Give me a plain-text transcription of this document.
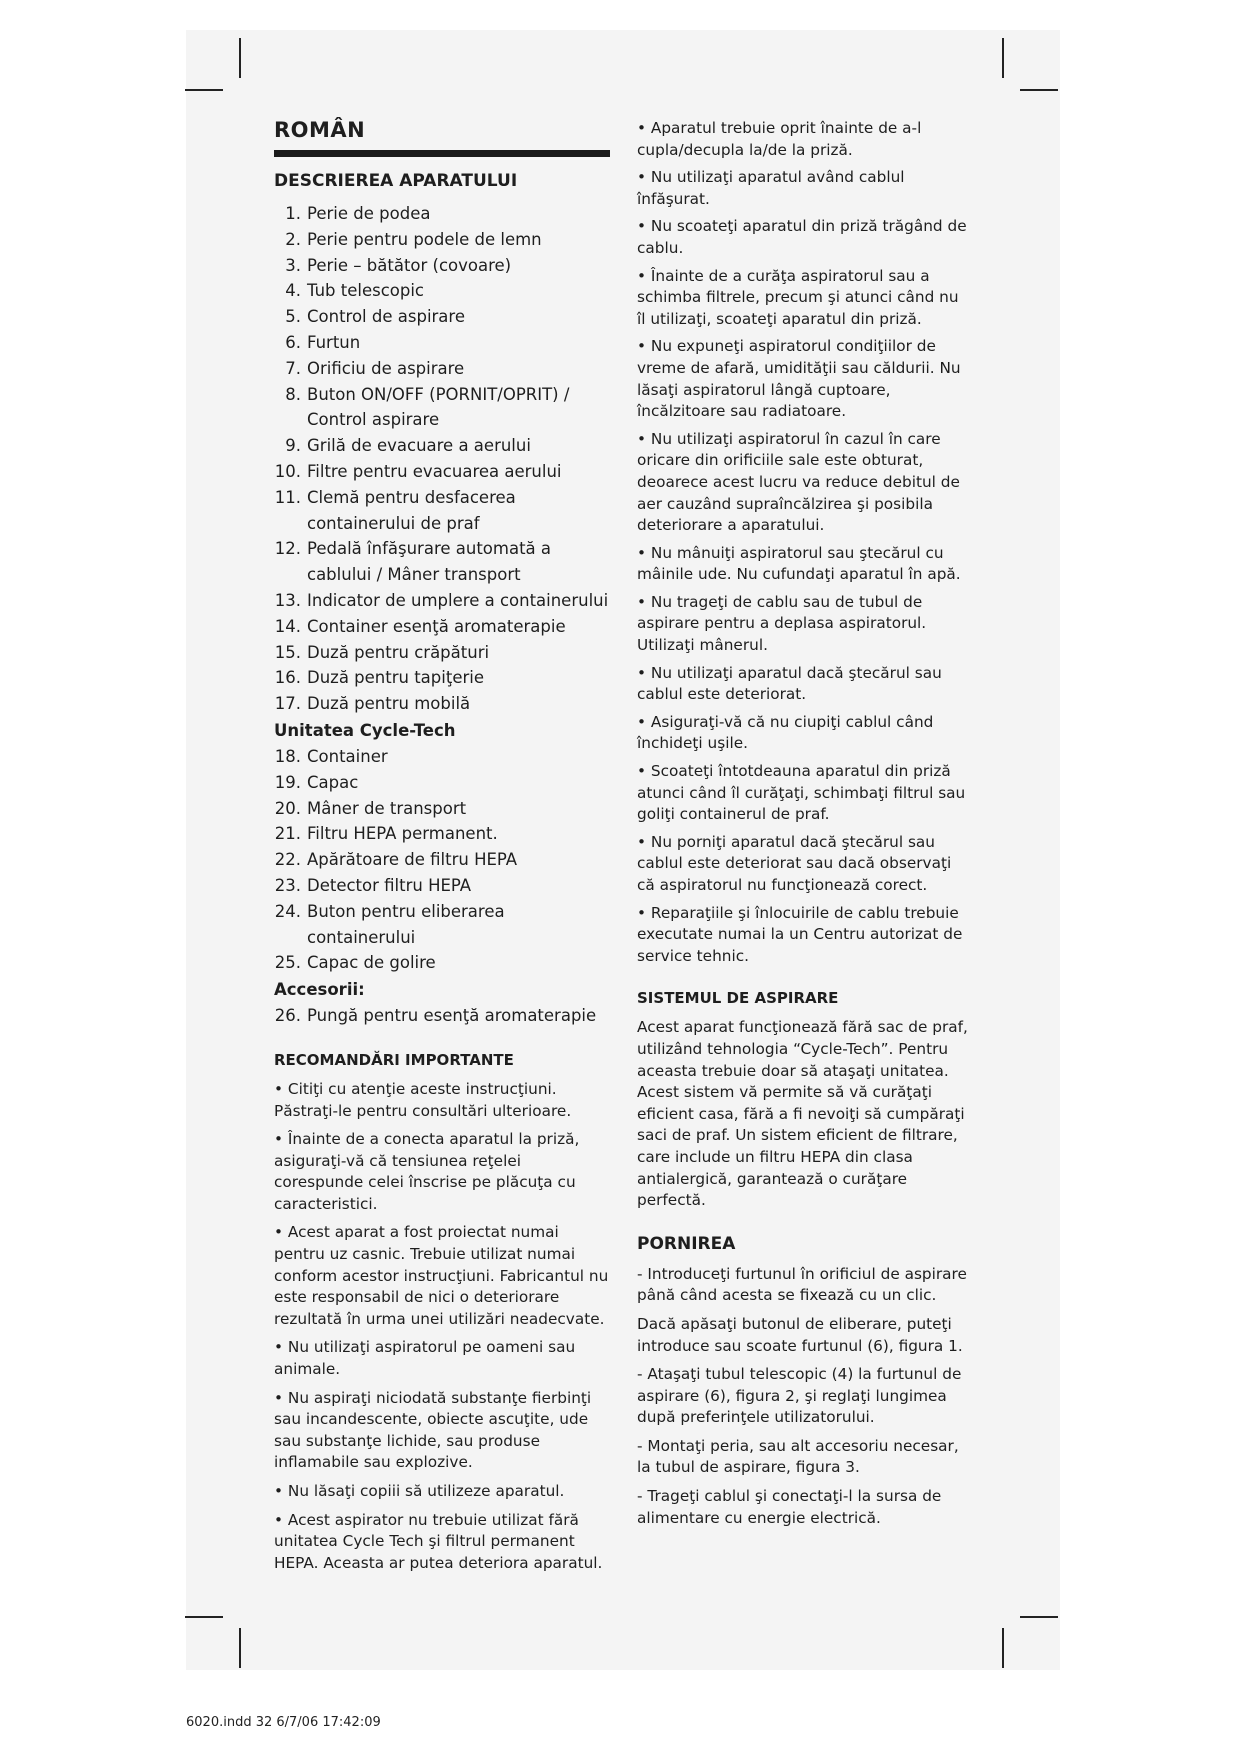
ROMÂN
DESCRIEREA APARATULUI
1. Perie de podea
2. Perie pentru podele de lemn
3. Perie – bătător (covoare)
4. Tub telescopic
5. Control de aspirare
6. Furtun
7. Orificiu de aspirare
8. Buton ON/OFF (PORNIT/OPRIT) / Control aspirare
9. Grilă de evacuare a aerului
10. Filtre pentru evacuarea aerului
11. Clemă pentru desfacerea containerului de praf
12. Pedală înfăşurare automată a cablului / Mâner transport
13. Indicator de umplere a containerului
14. Container esenţă aromaterapie
15. Duză pentru crăpături
16. Duză pentru tapiţerie
17. Duză pentru mobilă
Unitatea Cycle-Tech
18. Container
19. Capac
20. Mâner de transport
21. Filtru HEPA permanent.
22. Apărătoare de filtru HEPA
23. Detector filtru HEPA
24. Buton pentru eliberarea containerului
25. Capac de golire
Accesorii:
26. Pungă pentru esenţă aromaterapie
RECOMANDĂRI IMPORTANTE

• Citiţi cu atenţie aceste instrucţiuni. Păstraţi-le pentru consultări ulterioare.

• Înainte de a conecta aparatul la priză, asiguraţi-vă că tensiunea reţelei corespunde celei înscrise pe plăcuţa cu caracteristici.

• Acest aparat a fost proiectat numai pentru uz casnic. Trebuie utilizat numai conform acestor instrucţiuni. Fabricantul nu este responsabil de nici o deteriorare rezultată în urma unei utilizări neadecvate.

• Nu utilizaţi aspiratorul pe oameni sau animale.

• Nu aspiraţi niciodată substanţe fierbinţi sau incandescente, obiecte ascuţite, ude sau substanţe lichide, sau produse inflamabile sau explozive.

• Nu lăsaţi copiii să utilizeze aparatul.

• Acest aspirator nu trebuie utilizat fără unitatea Cycle Tech şi filtrul permanent HEPA. Aceasta ar putea deteriora aparatul.

• Aparatul trebuie oprit înainte de a-l cupla/decupla la/de la priză.

• Nu utilizaţi aparatul având cablul înfăşurat.

• Nu scoateţi aparatul din priză trăgând de cablu.

• Înainte de a curăţa aspiratorul sau a schimba filtrele, precum şi atunci când nu îl utilizaţi, scoateţi aparatul din priză.

• Nu expuneţi aspiratorul condiţiilor de vreme de afară, umidităţii sau căldurii. Nu lăsaţi aspiratorul lângă cuptoare, încălzitoare sau radiatoare.

• Nu utilizaţi aspiratorul în cazul în care oricare din orificiile sale este obturat, deoarece acest lucru va reduce debitul de aer cauzând supraîncălzirea şi posibila deteriorare a aparatului.

• Nu mânuiţi aspiratorul sau ştecărul cu mâinile ude. Nu cufundaţi aparatul în apă.

• Nu trageţi de cablu sau de tubul de aspirare pentru a deplasa aspiratorul. Utilizaţi mânerul.

• Nu utilizaţi aparatul dacă ştecărul sau cablul este deteriorat.

• Asiguraţi-vă că nu ciupiţi cablul când închideţi uşile.

• Scoateţi întotdeauna aparatul din priză atunci când îl curăţaţi, schimbaţi filtrul sau goliţi containerul de praf.

• Nu porniţi aparatul dacă ştecărul sau cablul este deteriorat sau dacă observaţi că aspiratorul nu funcţionează corect.

• Reparaţiile şi înlocuirile de cablu trebuie executate numai la un Centru autorizat de service tehnic.

SISTEMUL DE ASPIRARE

Acest aparat funcţionează fără sac de praf, utilizând tehnologia “Cycle-Tech”. Pentru aceasta trebuie doar să ataşaţi unitatea. Acest sistem vă permite să vă curăţaţi eficient casa, fără a fi nevoiţi să cumpăraţi saci de praf. Un sistem eficient de filtrare, care include un filtru HEPA din clasa antialergică, garantează o curăţare perfectă.

PORNIREA

- Introduceţi furtunul în orificiul de aspirare până când acesta se fixează cu un clic.

Dacă apăsaţi butonul de eliberare, puteţi introduce sau scoate furtunul (6), figura 1.

- Ataşaţi tubul telescopic (4) la furtunul de aspirare (6), figura 2, şi reglaţi lungimea după preferinţele utilizatorului.

- Montaţi peria, sau alt accesoriu necesar, la tubul de aspirare, figura 3.

- Trageţi cablul şi conectaţi-l la sursa de alimentare cu energie electrică.

6020.indd 32 6/7/06 17:42:09
